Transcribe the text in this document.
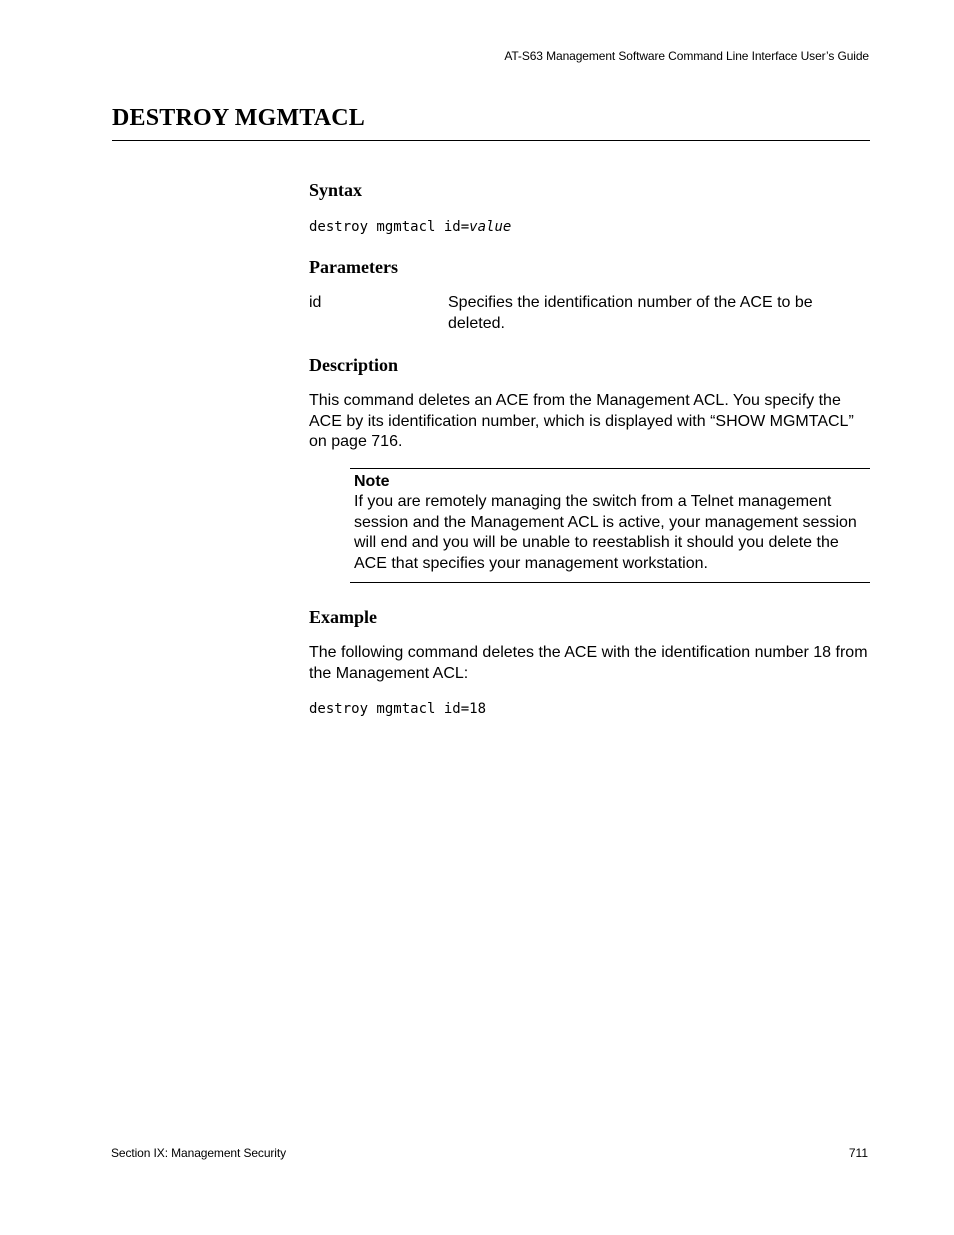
AT-S63 Management Software Command Line Interface User’s Guide
DESTROY MGMTACL
Syntax
destroy mgmtacl id=value
Parameters
id	Specifies the identification number of the ACE to be deleted.
Description

This command deletes an ACE from the Management ACL. You specify the ACE by its identification number, which is displayed with “SHOW MGMTACL” on page 716.

Note

If you are remotely managing the switch from a Telnet management session and the Management ACL is active, your management session will end and you will be unable to reestablish it should you delete the ACE that specifies your management workstation.

Example

The following command deletes the ACE with the identification number 18 from the Management ACL:

destroy mgmtacl id=18
Section IX: Management Security	711
